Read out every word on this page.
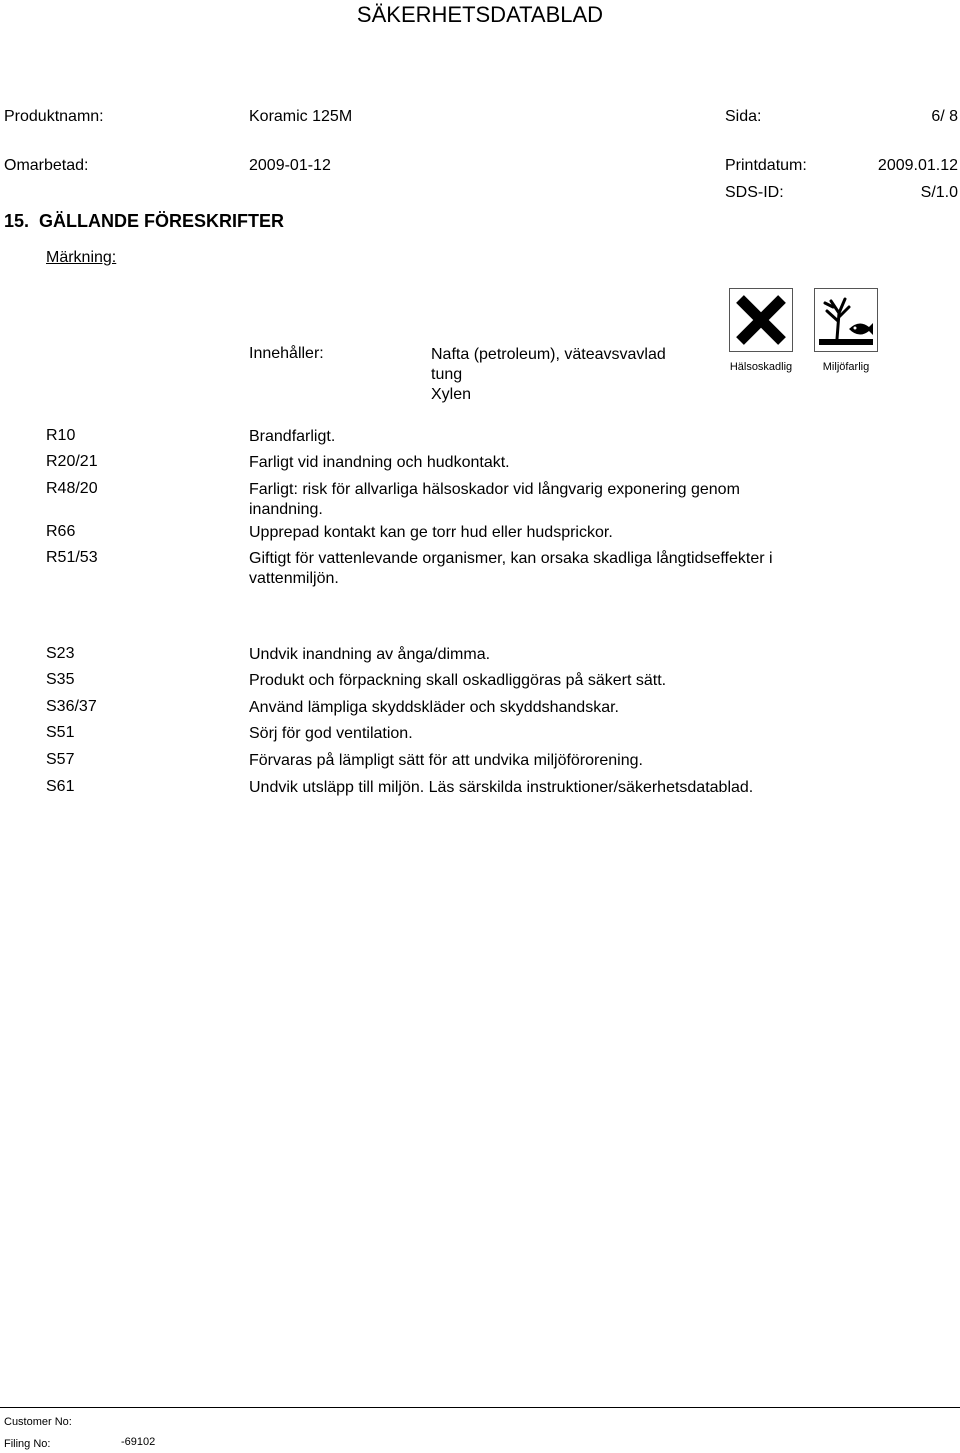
SÄKERHETSDATABLAD
Produktnamn:	Koramic 125M	Sida:	6/ 8
Omarbetad:	2009-01-12	Printdatum:	2009.01.12
SDS-ID:	S/1.0
15. GÄLLANDE FÖRESKRIFTER
Märkning:
Innehåller:	Nafta (petroleum), väteavsvavlad
tung
Xylen
Hälsoskadlig	Miljöfarlig
R10	Brandfarligt.
R20/21	Farligt vid inandning och hudkontakt.
R48/20	Farligt: risk för allvarliga hälsoskador vid långvarig exponering genom inandning.
R66	Upprepad kontakt kan ge torr hud eller hudsprickor.
R51/53	Giftigt för vattenlevande organismer, kan orsaka skadliga långtidseffekter i vattenmiljön.
S23	Undvik inandning av ånga/dimma.
S35	Produkt och förpackning skall oskadliggöras på säkert sätt.
S36/37	Använd lämpliga skyddskläder och skyddshandskar.
S51	Sörj för god ventilation.
S57	Förvaras på lämpligt sätt för att undvika miljöförorening.
S61	Undvik utsläpp till miljön. Läs särskilda instruktioner/säkerhetsdatablad.
Customer No:
Filing No:	-69102
